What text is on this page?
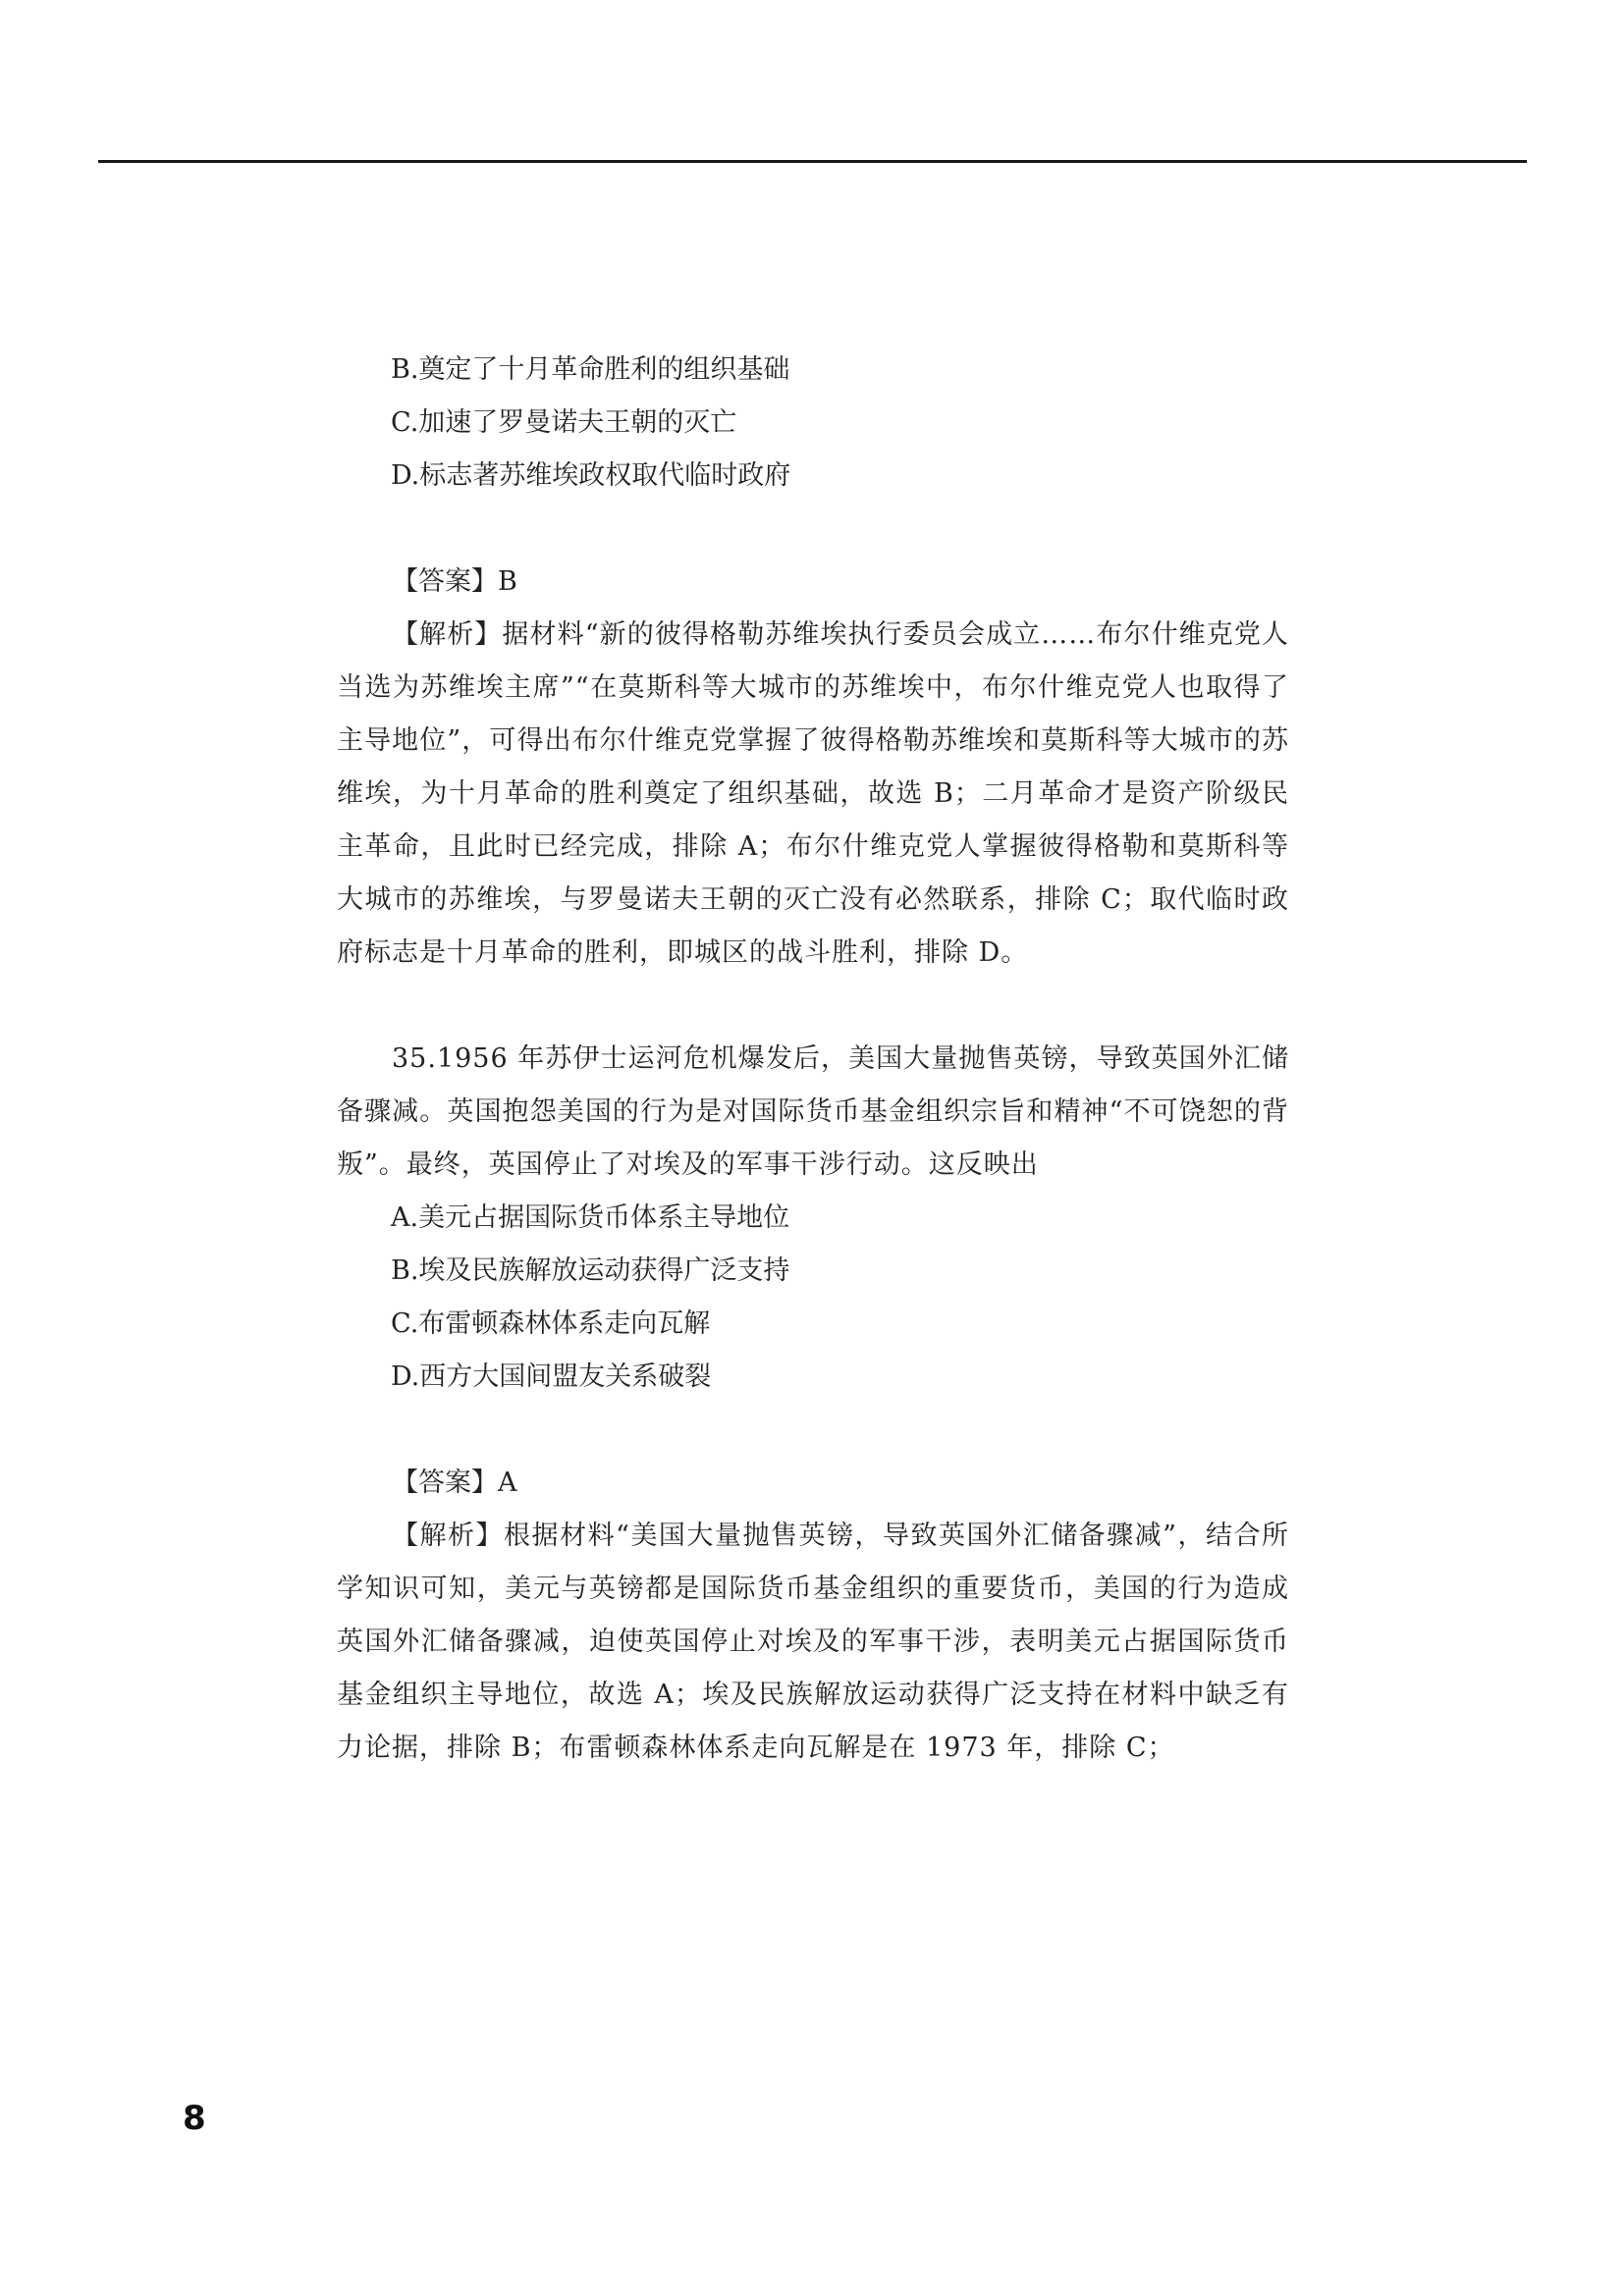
B.奠定了十月革命胜利的组织基础
C.加速了罗曼诺夫王朝的灭亡
D.标志著苏维埃政权取代临时政府

【答案】B

【解析】据材料“新的彼得格勒苏维埃执行委员会成立……布尔什维克党人当选为苏维埃主席”“在莫斯科等大城市的苏维埃中，布尔什维克党人也取得了主导地位”，可得出布尔什维克党掌握了彼得格勒苏维埃和莫斯科等大城市的苏维埃，为十月革命的胜利奠定了组织基础，故选 B；二月革命才是资产阶级民主革命，且此时已经完成，排除 A；布尔什维克党人掌握彼得格勒和莫斯科等大城市的苏维埃，与罗曼诺夫王朝的灭亡没有必然联系，排除 C；取代临时政府标志是十月革命的胜利，即城区的战斗胜利，排除 D。

35.1956 年苏伊士运河危机爆发后，美国大量抛售英镑，导致英国外汇储备骤减。英国抱怨美国的行为是对国际货币基金组织宗旨和精神“不可饶恕的背叛”。最终，英国停止了对埃及的军事干涉行动。这反映出

A.美元占据国际货币体系主导地位
B.埃及民族解放运动获得广泛支持
C.布雷顿森林体系走向瓦解
D.西方大国间盟友关系破裂

【答案】A

【解析】根据材料“美国大量抛售英镑，导致英国外汇储备骤减”，结合所学知识可知，美元与英镑都是国际货币基金组织的重要货币，美国的行为造成英国外汇储备骤减，迫使英国停止对埃及的军事干涉，表明美元占据国际货币基金组织主导地位，故选 A；埃及民族解放运动获得广泛支持在材料中缺乏有力论据，排除 B；布雷顿森林体系走向瓦解是在 1973 年，排除 C；

8
